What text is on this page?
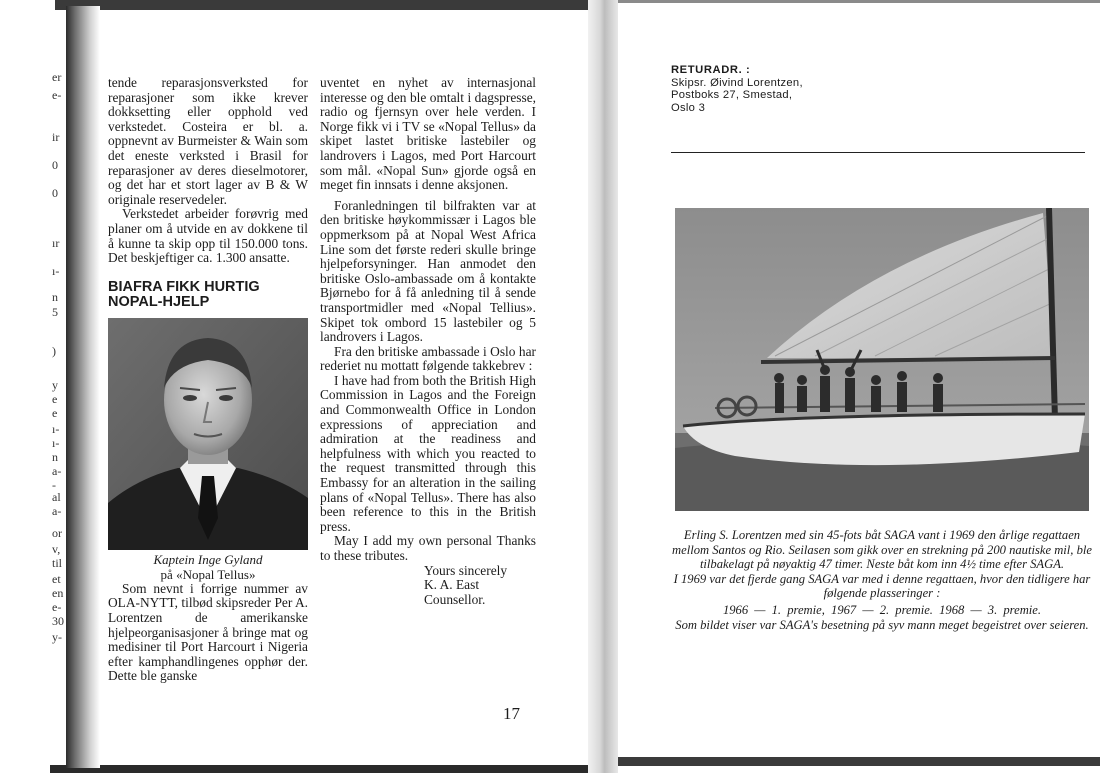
er
e-
ir
0
0
ır
ı-
n
5
)
y
e
e
ı-
ı-
n
a-
-
al
a-
or
v,
til
et
en
e-
30
y-

tende reparasjonsverksted for reparasjoner som ikke krever dokksetting eller opphold ved verkstedet. Costeira er bl. a. oppnevnt av Burmeister & Wain som det eneste verksted i Brasil for reparasjoner av deres dieselmotorer, og det har et stort lager av B & W originale reservedeler.

Verkstedet arbeider forøvrig med planer om å utvide en av dokkene til å kunne ta skip opp til 150.000 tons. Det beskjeftiger ca. 1.300 ansatte.

BIAFRA FIKK HURTIG
NOPAL-HJELP
Kaptein Inge Gyland
på «Nopal Tellus»

Som nevnt i forrige nummer av OLA-NYTT, tilbød skipsreder Per A. Lorentzen de amerikanske hjelpeorganisasjoner å bringe mat og medisiner til Port Harcourt i Nigeria efter kamphandlingenes opphør der. Dette ble ganske

uventet en nyhet av internasjonal interesse og den ble omtalt i dagspresse, radio og fjernsyn over hele verden. I Norge fikk vi i TV se «Nopal Tellus» da skipet lastet britiske lastebiler og landrovers i Lagos, med Port Harcourt som mål. «Nopal Sun» gjorde også en meget fin innsats i denne aksjonen.

Foranledningen til bilfrakten var at den britiske høykommissær i Lagos ble oppmerksom på at Nopal West Africa Line som det første rederi skulle bringe hjelpeforsyninger. Han anmodet den britiske Oslo-ambassade om å kontakte Bjørnebo for å få anledning til å sende transportmidler med «Nopal Tellius». Skipet tok ombord 15 lastebiler og 5 landrovers i Lagos.

Fra den britiske ambassade i Oslo har rederiet nu mottatt følgende takkebrev :

I have had from both the British High Commission in Lagos and the Foreign and Commonwealth Office in London expressions of appreciation and admiration at the readiness and helpfulness with which you reacted to the request transmitted through this Embassy for an alteration in the sailing plans of «Nopal Tellus». There has also been reference to this in the British press.

May I add my own personal Thanks to these tributes.

Yours sincerely
K. A. East
Counsellor.
17
RETURADR. :
Skipsr. Øivind Lorentzen,
Postboks 27, Smestad,
Oslo 3

Erling S. Lorentzen med sin 45-fots båt SAGA vant i 1969 den årlige regattaen mellom Santos og Rio. Seilasen som gikk over en strekning på 200 nautiske mil, ble tilbakelagt på nøyaktig 47 timer. Neste båt kom inn 4½ time efter SAGA.

I 1969 var det fjerde gang SAGA var med i denne regattaen, hvor den tidligere har følgende plasseringer :

1966 — 1. premie, 1967 — 2. premie. 1968 — 3. premie.

Som bildet viser var SAGA's besetning på syv mann meget begeistret over seieren.
